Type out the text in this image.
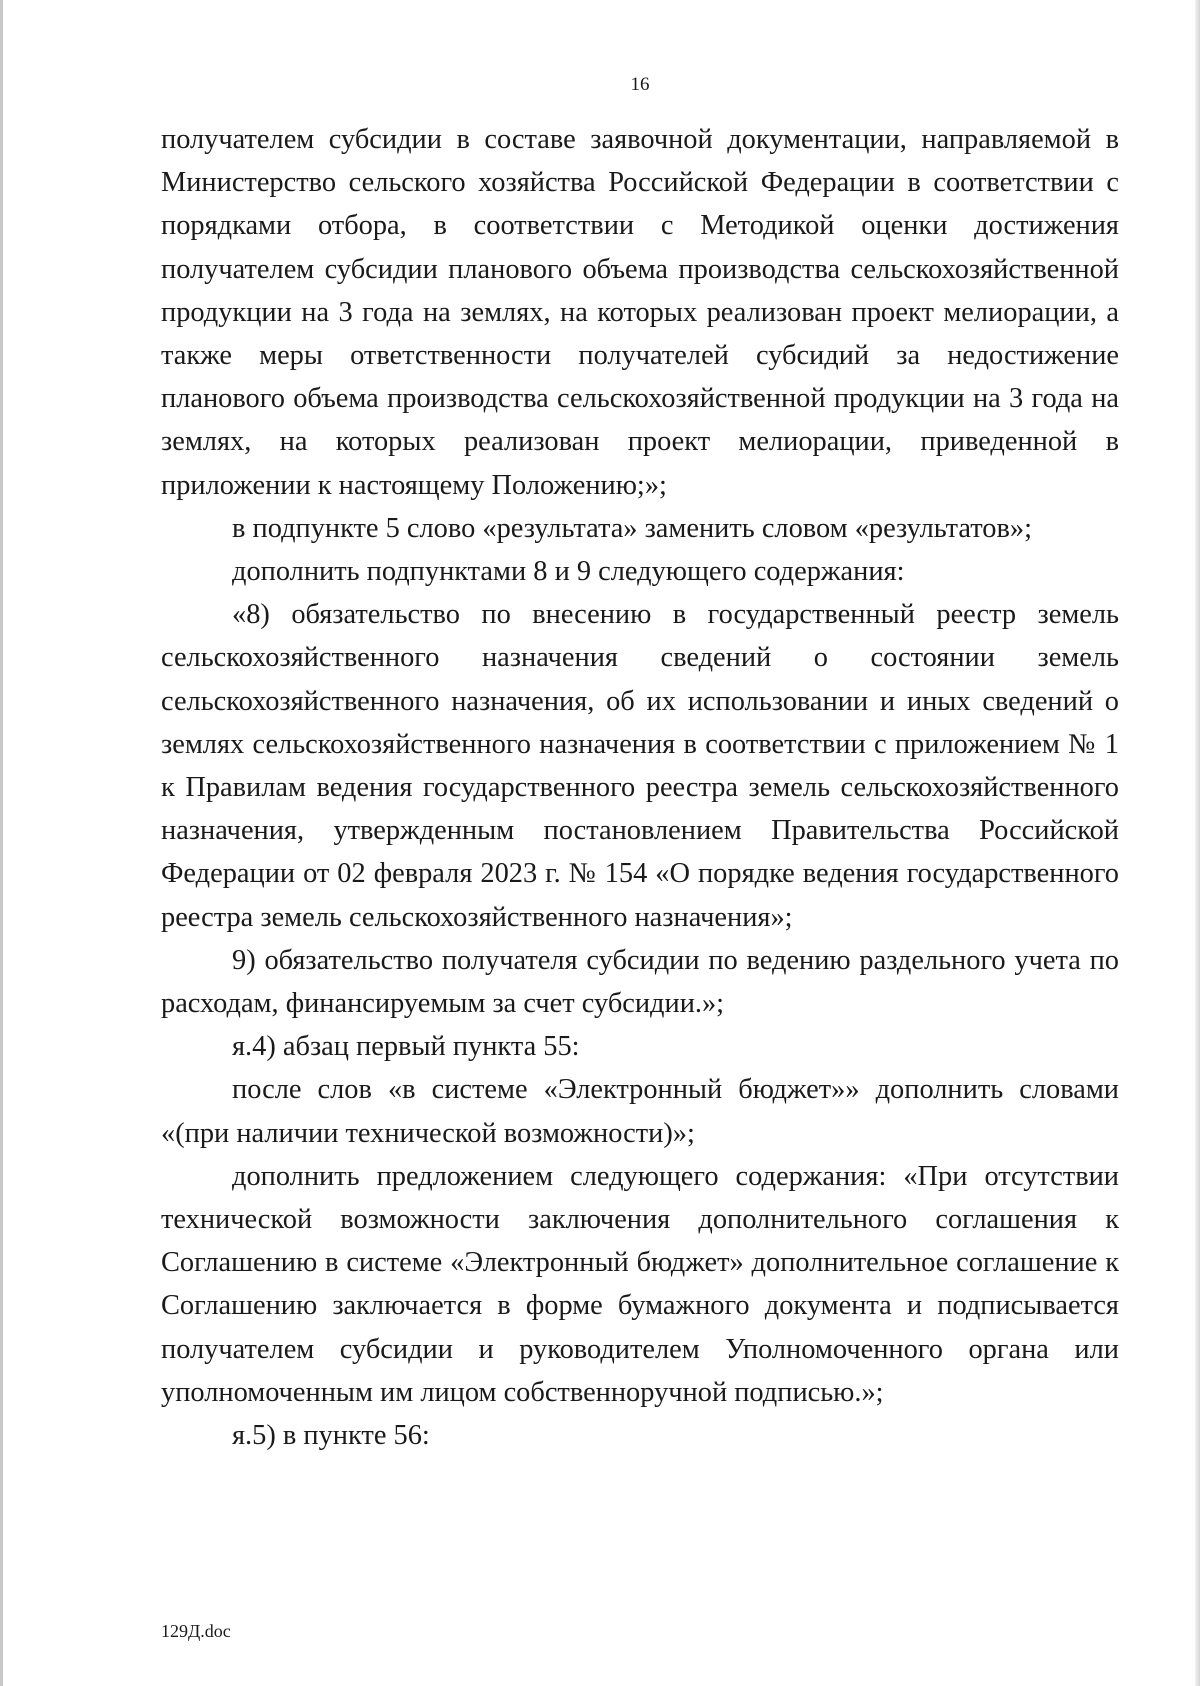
16

получателем субсидии в составе заявочной документации, направляемой в Министерство сельского хозяйства Российской Федерации в соответствии с порядками отбора, в соответствии с Методикой оценки достижения получателем субсидии планового объема производства сельскохозяйственной продукции на 3 года на землях, на которых реализован проект мелиорации, а также меры ответственности получателей субсидий за недостижение планового объема производства сельскохозяйственной продукции на 3 года на землях, на которых реализован проект мелиорации, приведенной в приложении к настоящему Положению;»;

в подпункте 5 слово «результата» заменить словом «результатов»;

дополнить подпунктами 8 и 9 следующего содержания:

«8) обязательство по внесению в государственный реестр земель сельскохозяйственного назначения сведений о состоянии земель сельскохозяйственного назначения, об их использовании и иных сведений о землях сельскохозяйственного назначения в соответствии с приложением № 1 к Правилам ведения государственного реестра земель сельскохозяйственного назначения, утвержденным постановлением Правительства Российской Федерации от 02 февраля 2023 г. № 154 «О порядке ведения государственного реестра земель сельскохозяйственного назначения»;

9) обязательство получателя субсидии по ведению раздельного учета по расходам, финансируемым за счет субсидии.»;

я.4) абзац первый пункта 55:

после слов «в системе «Электронный бюджет»» дополнить словами «(при наличии технической возможности)»;

дополнить предложением следующего содержания: «При отсутствии технической возможности заключения дополнительного соглашения к Соглашению в системе «Электронный бюджет» дополнительное соглашение к Соглашению заключается в форме бумажного документа и подписывается получателем субсидии и руководителем Уполномоченного органа или уполномоченным им лицом собственноручной подписью.»;

я.5) в пункте 56:

129Д.doc
